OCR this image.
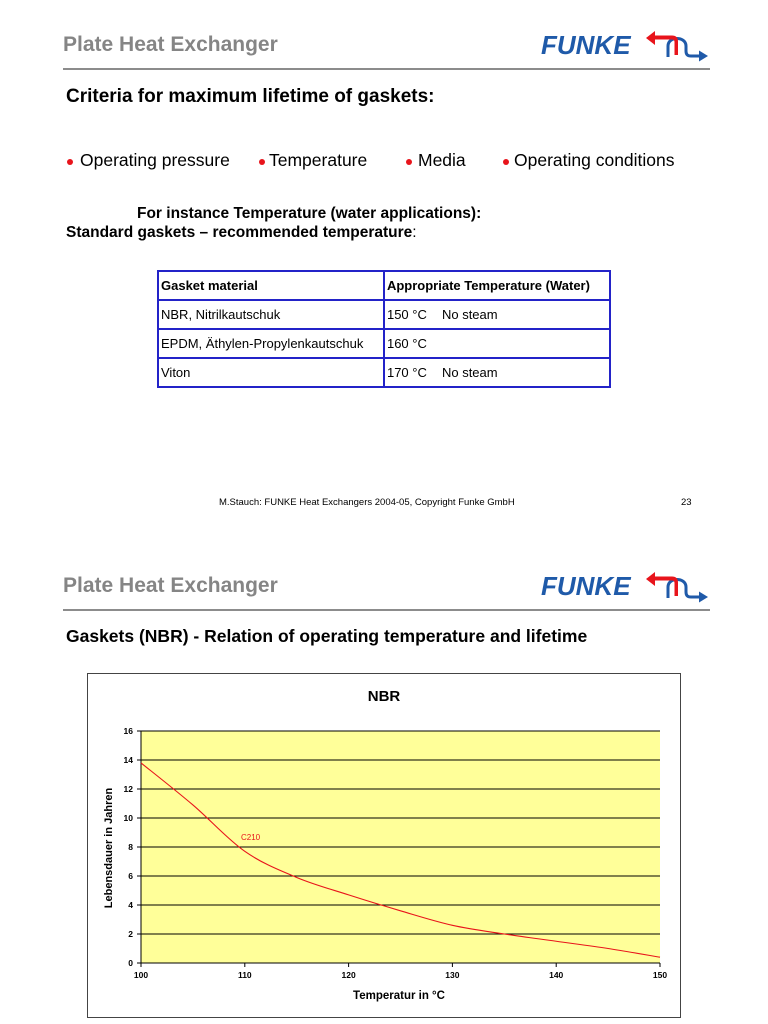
Plate Heat Exchanger	FUNKE
Criteria for maximum lifetime of gaskets:
Operating pressure Temperature	Media	Operating conditions
For instance Temperature (water applications):
Standard gaskets – recommended temperature:
Gasket material	Appropriate Temperature (Water)
NBR, Nitrilkautschuk	150 °C No steam
EPDM, Äthylen-Propylenkautschuk	160 °C
Viton	170 °C No steam
M.Stauch: FUNKE Heat Exchangers 2004-05, Copyright Funke GmbH	23
Plate Heat Exchanger	FUNKE
Gaskets (NBR) - Relation of operating temperature and lifetime
0
2
4
6
8
10
12
14
16
100	110	120	130	140	150
NBR
Temperatur in °C
Lebensdauer in Jahren	C210
